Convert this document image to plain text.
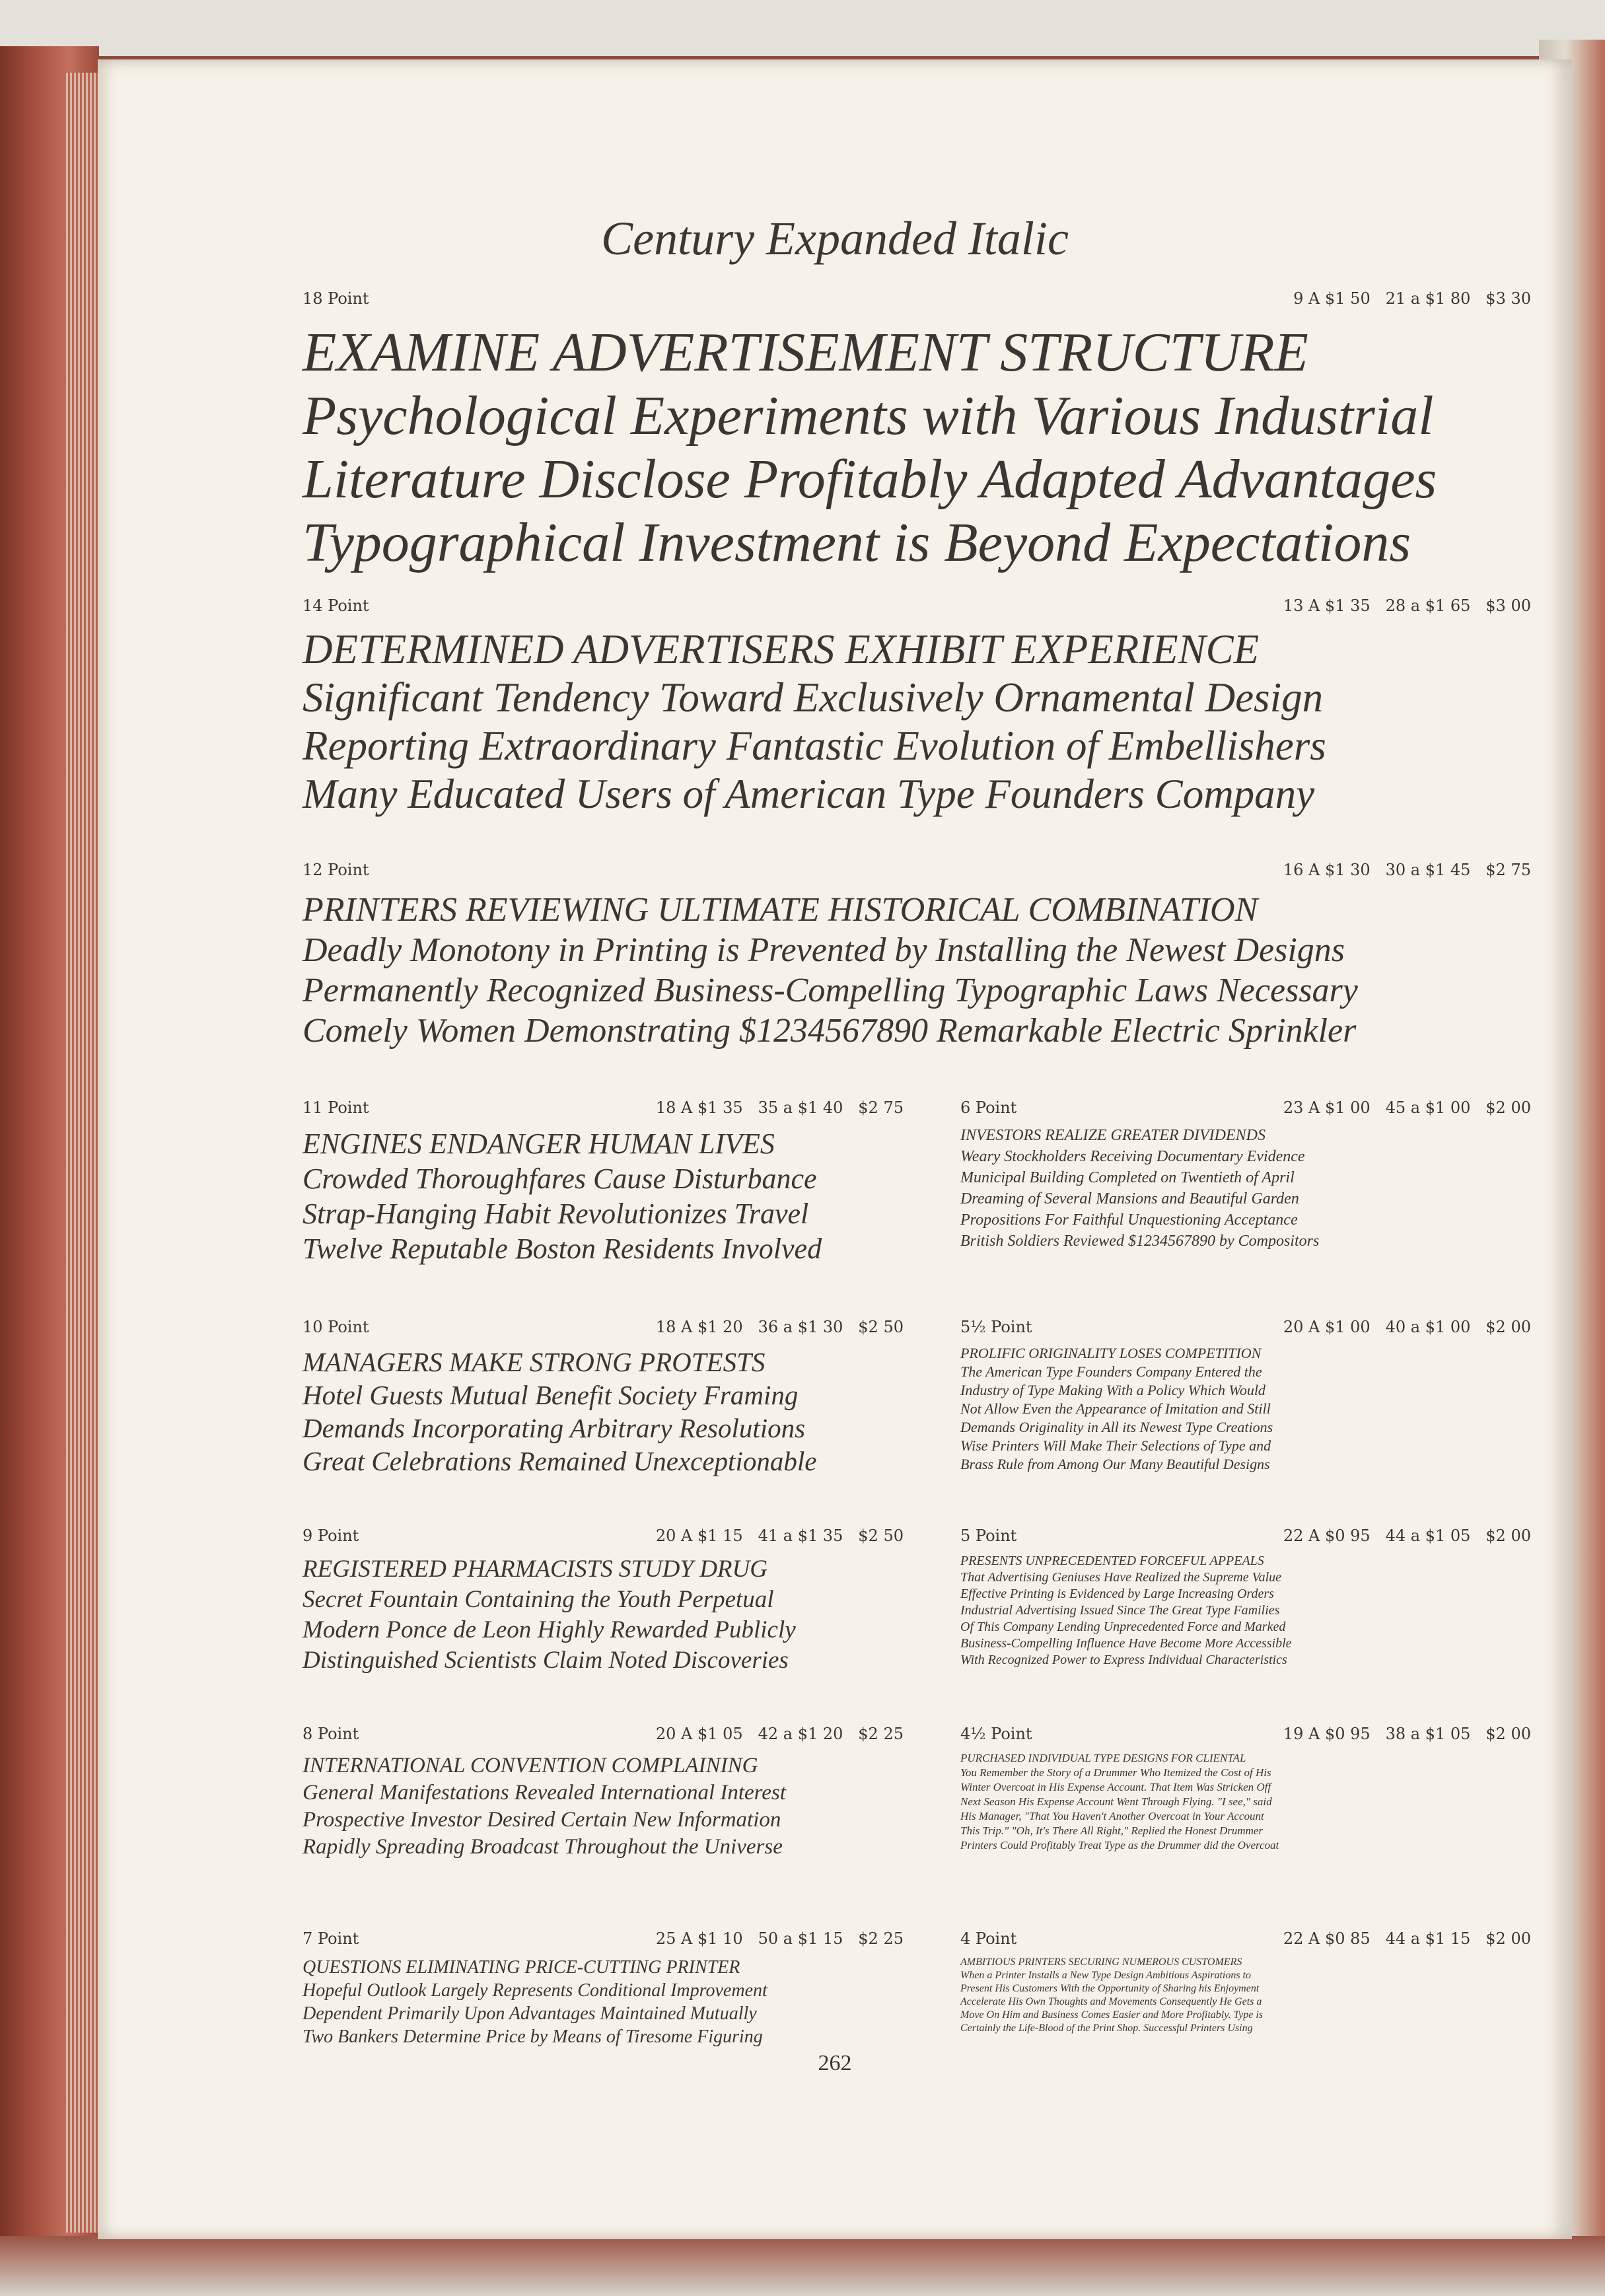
Century Expanded Italic
18 Point	9 A $1 50   21 a $1 80   $3 30
EXAMINE ADVERTISEMENT STRUCTURE
Psychological Experiments with Various Industrial
Literature Disclose Profitably Adapted Advantages
Typographical Investment is Beyond Expectations
14 Point	13 A $1 35   28 a $1 65   $3 00
DETERMINED ADVERTISERS EXHIBIT EXPERIENCE
Significant Tendency Toward Exclusively Ornamental Design
Reporting Extraordinary Fantastic Evolution of Embellishers
Many Educated Users of American Type Founders Company
12 Point	16 A $1 30   30 a $1 45   $2 75
PRINTERS REVIEWING ULTIMATE HISTORICAL COMBINATION
Deadly Monotony in Printing is Prevented by Installing the Newest Designs
Permanently Recognized Business-Compelling Typographic Laws Necessary
Comely Women Demonstrating $1234567890 Remarkable Electric Sprinkler
11 Point	18 A $1 35   35 a $1 40   $2 75
ENGINES ENDANGER HUMAN LIVES
Crowded Thoroughfares Cause Disturbance
Strap-Hanging Habit Revolutionizes Travel
Twelve Reputable Boston Residents Involved
10 Point	18 A $1 20   36 a $1 30   $2 50
MANAGERS MAKE STRONG PROTESTS
Hotel Guests Mutual Benefit Society Framing
Demands Incorporating Arbitrary Resolutions
Great Celebrations Remained Unexceptionable
9 Point	20 A $1 15   41 a $1 35   $2 50
REGISTERED PHARMACISTS STUDY DRUG
Secret Fountain Containing the Youth Perpetual
Modern Ponce de Leon Highly Rewarded Publicly
Distinguished Scientists Claim Noted Discoveries
8 Point	20 A $1 05   42 a $1 20   $2 25
INTERNATIONAL CONVENTION COMPLAINING
General Manifestations Revealed International Interest
Prospective Investor Desired Certain New Information
Rapidly Spreading Broadcast Throughout the Universe
7 Point	25 A $1 10   50 a $1 15   $2 25
QUESTIONS ELIMINATING PRICE-CUTTING PRINTER
Hopeful Outlook Largely Represents Conditional Improvement
Dependent Primarily Upon Advantages Maintained Mutually
Two Bankers Determine Price by Means of Tiresome Figuring
6 Point	23 A $1 00   45 a $1 00   $2 00
INVESTORS REALIZE GREATER DIVIDENDS
Weary Stockholders Receiving Documentary Evidence
Municipal Building Completed on Twentieth of April
Dreaming of Several Mansions and Beautiful Garden
Propositions For Faithful Unquestioning Acceptance
British Soldiers Reviewed $1234567890 by Compositors
5½ Point	20 A $1 00   40 a $1 00   $2 00
PROLIFIC ORIGINALITY LOSES COMPETITION
The American Type Founders Company Entered the
Industry of Type Making With a Policy Which Would
Not Allow Even the Appearance of Imitation and Still
Demands Originality in All its Newest Type Creations
Wise Printers Will Make Their Selections of Type and
Brass Rule from Among Our Many Beautiful Designs
5 Point	22 A $0 95   44 a $1 05   $2 00
PRESENTS UNPRECEDENTED FORCEFUL APPEALS
That Advertising Geniuses Have Realized the Supreme Value
Effective Printing is Evidenced by Large Increasing Orders
Industrial Advertising Issued Since The Great Type Families
Of This Company Lending Unprecedented Force and Marked
Business-Compelling Influence Have Become More Accessible
With Recognized Power to Express Individual Characteristics
4½ Point	19 A $0 95   38 a $1 05   $2 00
PURCHASED INDIVIDUAL TYPE DESIGNS FOR CLIENTAL
You Remember the Story of a Drummer Who Itemized the Cost of His
Winter Overcoat in His Expense Account. That Item Was Stricken Off
Next Season His Expense Account Went Through Flying. "I see," said
His Manager, "That You Haven't Another Overcoat in Your Account
This Trip." "Oh, It's There All Right," Replied the Honest Drummer
Printers Could Profitably Treat Type as the Drummer did the Overcoat
4 Point	22 A $0 85   44 a $1 15   $2 00
AMBITIOUS PRINTERS SECURING NUMEROUS CUSTOMERS
When a Printer Installs a New Type Design Ambitious Aspirations to
Present His Customers With the Opportunity of Sharing his Enjoyment
Accelerate His Own Thoughts and Movements Consequently He Gets a
Move On Him and Business Comes Easier and More Profitably. Type is
Certainly the Life-Blood of the Print Shop. Successful Printers Using
262
